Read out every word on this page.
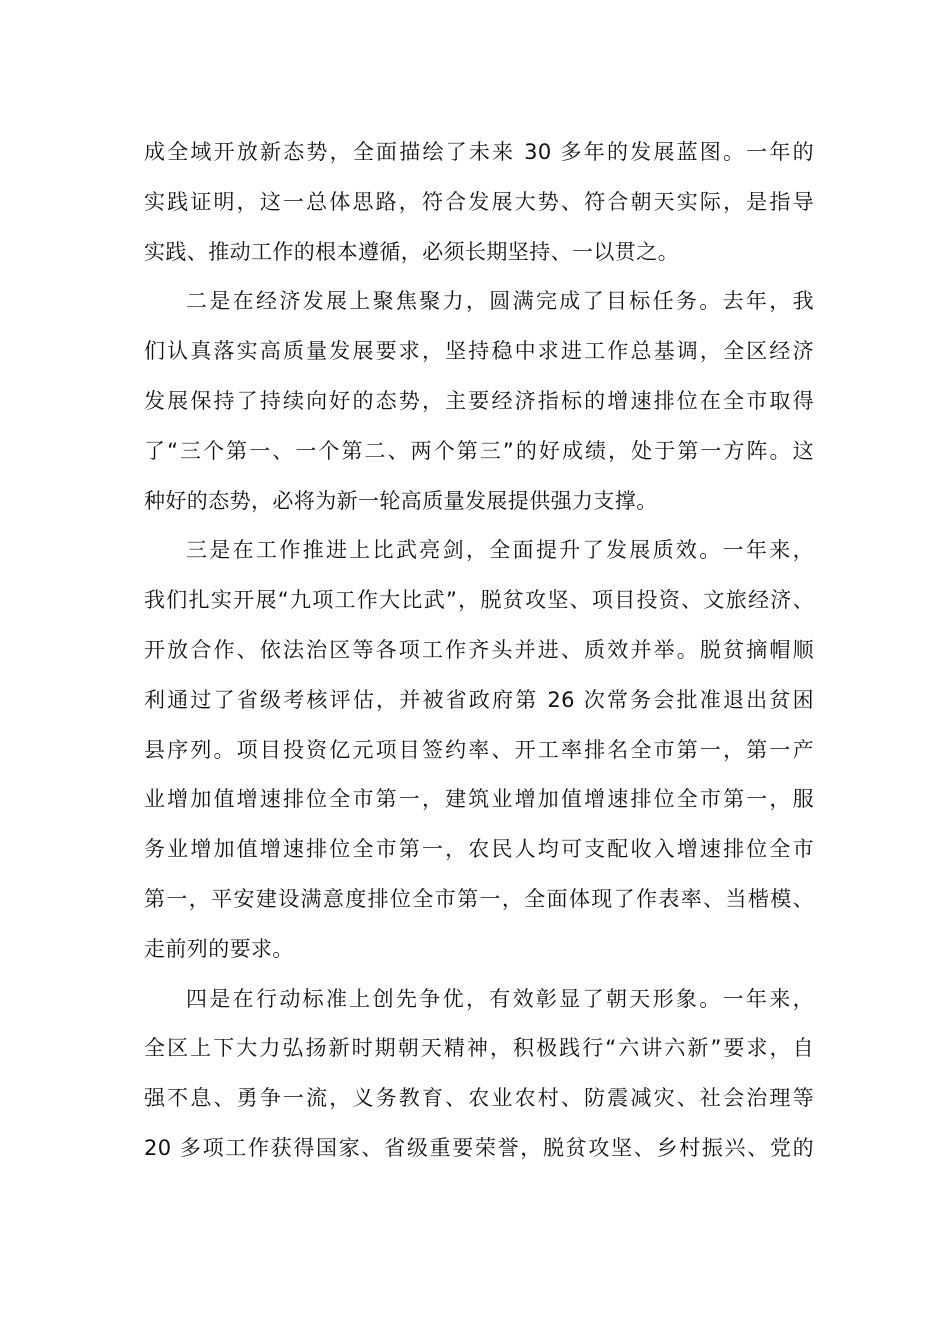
成全域开放新态势，全面描绘了未来 30 多年的发展蓝图。一年的
实践证明，这一总体思路，符合发展大势、符合朝天实际，是指导
实践、推动工作的根本遵循，必须长期坚持、一以贯之。
二是在经济发展上聚焦聚力，圆满完成了目标任务。去年，我
们认真落实高质量发展要求，坚持稳中求进工作总基调，全区经济
发展保持了持续向好的态势，主要经济指标的增速排位在全市取得
了“三个第一、一个第二、两个第三”的好成绩，处于第一方阵。这
种好的态势，必将为新一轮高质量发展提供强力支撑。
三是在工作推进上比武亮剑，全面提升了发展质效。一年来，
我们扎实开展“九项工作大比武”，脱贫攻坚、项目投资、文旅经济、
开放合作、依法治区等各项工作齐头并进、质效并举。脱贫摘帽顺
利通过了省级考核评估，并被省政府第 26 次常务会批准退出贫困
县序列。项目投资亿元项目签约率、开工率排名全市第一，第一产
业增加值增速排位全市第一，建筑业增加值增速排位全市第一，服
务业增加值增速排位全市第一，农民人均可支配收入增速排位全市
第一，平安建设满意度排位全市第一，全面体现了作表率、当楷模、
走前列的要求。
四是在行动标准上创先争优，有效彰显了朝天形象。一年来，
全区上下大力弘扬新时期朝天精神，积极践行“六讲六新”要求，自
强不息、勇争一流，义务教育、农业农村、防震减灾、社会治理等
20 多项工作获得国家、省级重要荣誉，脱贫攻坚、乡村振兴、党的
